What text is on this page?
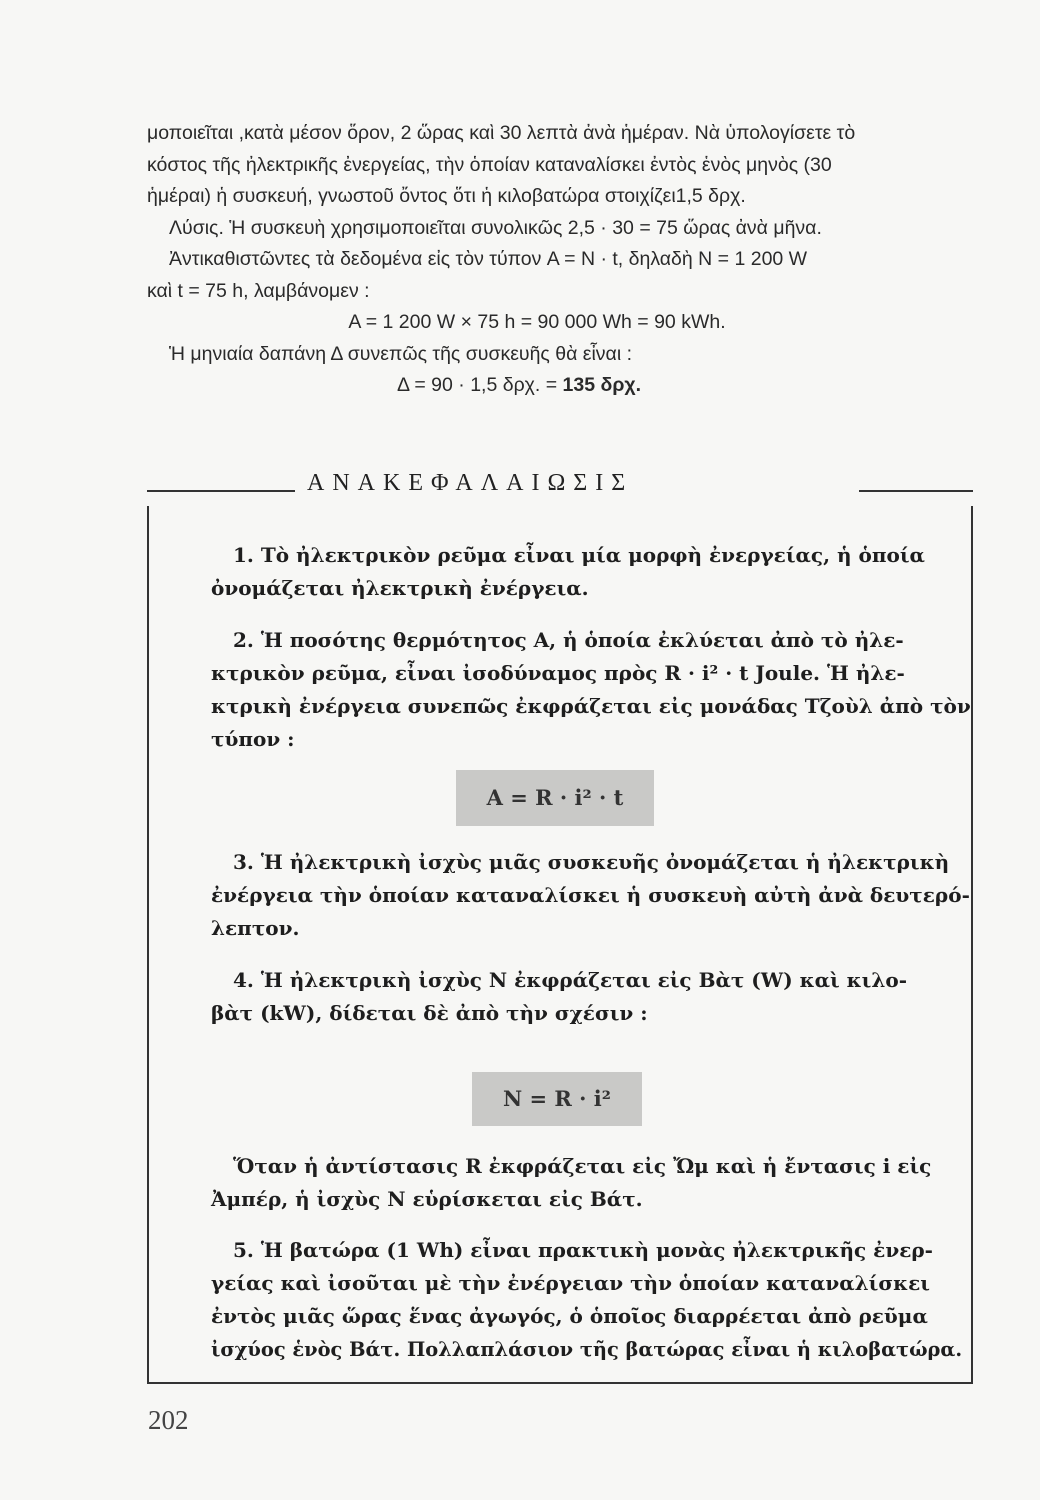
μοποιεῖται ,κατὰ μέσον ὅρον, 2 ὥρας καὶ 30 λεπτὰ ἀνὰ ἡμέραν. Νὰ ὑπολογίσετε τὸ
κόστος τῆς ἠλεκτρικῆς ἐνεργείας, τὴν ὁποίαν καταναλίσκει ἐντὸς ἑνὸς μηνὸς (30
ἡμέραι) ἡ συσκευή, γνωστοῦ ὄντος ὅτι ἡ κιλοβατώρα στοιχίζει1,5 δρχ.
Λύσις. Ἡ συσκευὴ χρησιμοποιεῖται συνολικῶς 2,5 · 30 = 75 ὥρας ἀνὰ μῆνα.
Ἀντικαθιστῶντες τὰ δεδομένα εἰς τὸν τύπον A = N · t, δηλαδὴ N = 1 200 W
καὶ t = 75 h, λαμβάνομεν :
A = 1 200 W × 75 h = 90 000 Wh = 90 kWh.
Ἡ μηνιαία δαπάνη Δ συνεπῶς τῆς συσκευῆς θὰ εἶναι :
Δ = 90 · 1,5 δρχ. = 135 δρχ.
ΑΝΑΚΕΦΑΛΑΙΩΣΙΣ

1. Τὸ ἠλεκτρικὸν ρεῦμα εἶναι μία μορφὴ ἐνεργείας, ἡ ὁποία

ὀνομάζεται ἠλεκτρικὴ ἐνέργεια.

2. Ἡ ποσότης θερμότητος A, ἡ ὁποία ἐκλύεται ἀπὸ τὸ ἠλε-

κτρικὸν ρεῦμα, εἶναι ἰσοδύναμος πρὸς R · i² · t Joule. Ἡ ἠλε-

κτρικὴ ἐνέργεια συνεπῶς ἐκφράζεται εἰς μονάδας Τζοὺλ ἀπὸ τὸν

τύπον :

A = R · i² · t

3. Ἡ ἠλεκτρικὴ ἰσχὺς μιᾶς συσκευῆς ὀνομάζεται ἡ ἠλεκτρικὴ

ἐνέργεια τὴν ὁποίαν καταναλίσκει ἡ συσκευὴ αὐτὴ ἀνὰ δευτερό-

λεπτον.

4. Ἡ ἠλεκτρικὴ ἰσχὺς N ἐκφράζεται εἰς Βὰτ (W) καὶ κιλο-

βὰτ (kW), δίδεται δὲ ἀπὸ τὴν σχέσιν :

N = R · i²

Ὅταν ἡ ἀντίστασις R ἐκφράζεται εἰς Ὤμ καὶ ἡ ἔντασις i εἰς

Ἀμπέρ, ἡ ἰσχὺς N εὑρίσκεται εἰς Βάτ.

5. Ἡ βατώρα (1 Wh) εἶναι πρακτικὴ μονὰς ἠλεκτρικῆς ἐνερ-

γείας καὶ ἰσοῦται μὲ τὴν ἐνέργειαν τὴν ὁποίαν καταναλίσκει

ἐντὸς μιᾶς ὥρας ἕνας ἀγωγός, ὁ ὁποῖος διαρρέεται ἀπὸ ρεῦμα

ἰσχύος ἑνὸς Βάτ. Πολλαπλάσιον τῆς βατώρας εἶναι ἡ κιλοβατώρα.

202
